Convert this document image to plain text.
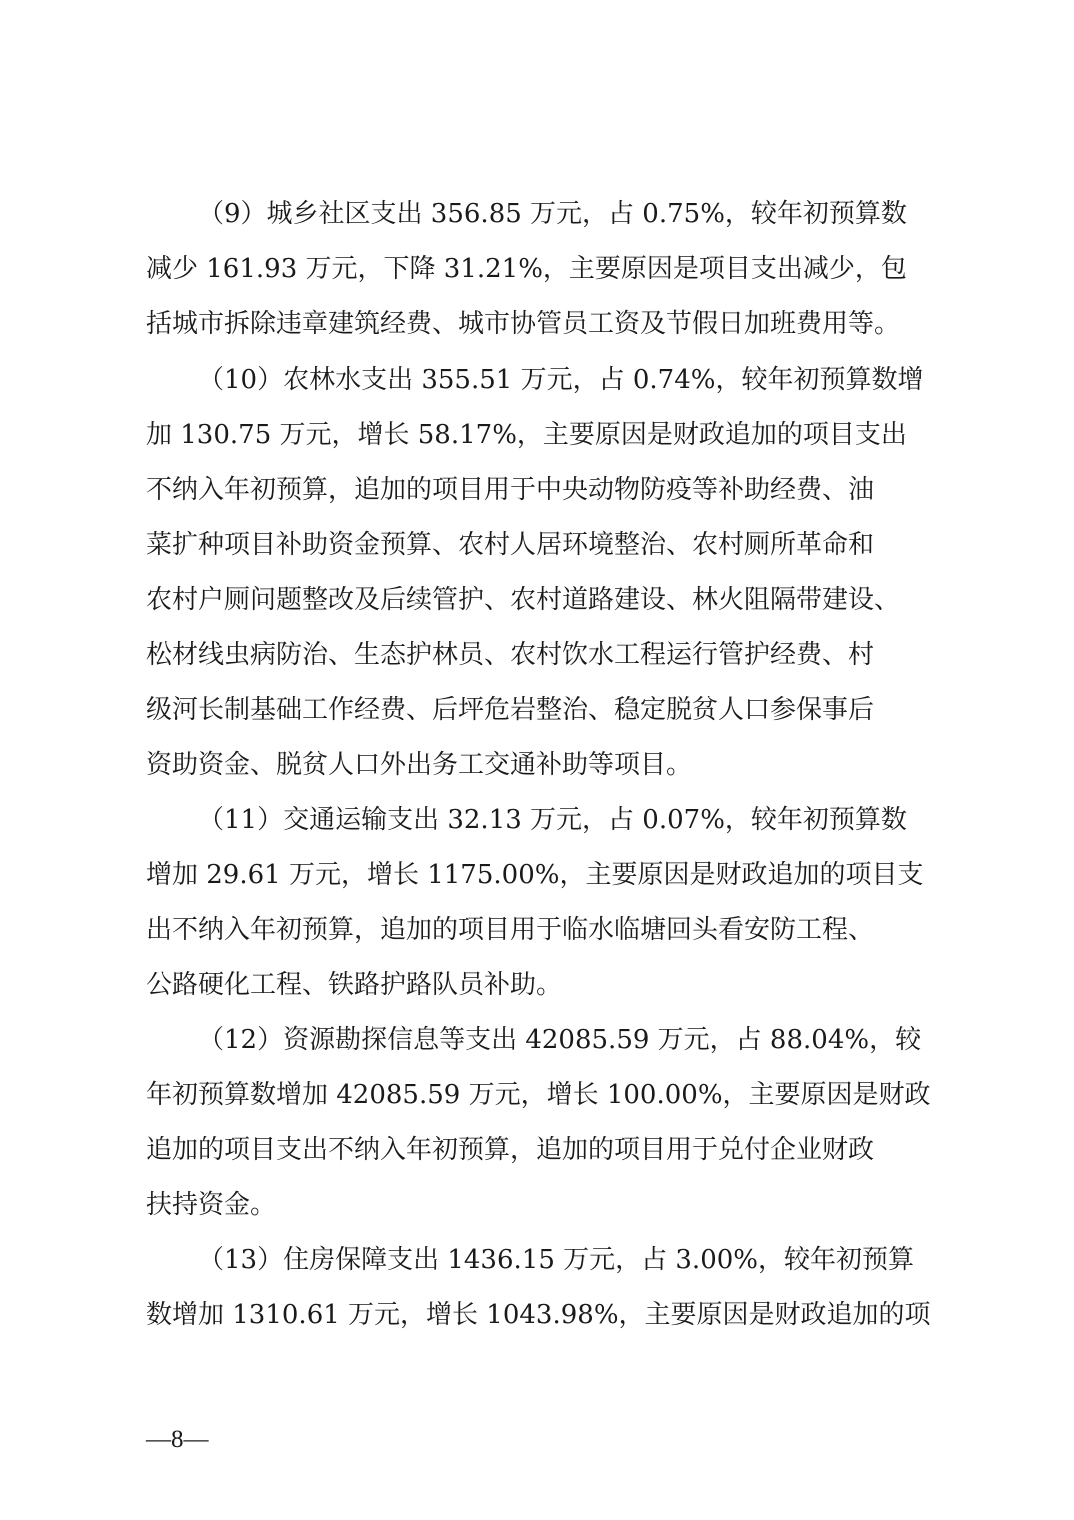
（9）城乡社区支出 356.85 万元，占 0.75%，较年初预算数
减少 161.93 万元，下降 31.21%，主要原因是项目支出减少，包
括城市拆除违章建筑经费、城市协管员工资及节假日加班费用等。
（10）农林水支出 355.51 万元，占 0.74%，较年初预算数增
加 130.75 万元，增长 58.17%，主要原因是财政追加的项目支出
不纳入年初预算，追加的项目用于中央动物防疫等补助经费、油
菜扩种项目补助资金预算、农村人居环境整治、农村厕所革命和
农村户厕问题整改及后续管护、农村道路建设、林火阻隔带建设、
松材线虫病防治、生态护林员、农村饮水工程运行管护经费、村
级河长制基础工作经费、后坪危岩整治、稳定脱贫人口参保事后
资助资金、脱贫人口外出务工交通补助等项目。
（11）交通运输支出 32.13 万元，占 0.07%，较年初预算数
增加 29.61 万元，增长 1175.00%，主要原因是财政追加的项目支
出不纳入年初预算，追加的项目用于临水临塘回头看安防工程、
公路硬化工程、铁路护路队员补助。
（12）资源勘探信息等支出 42085.59 万元，占 88.04%，较
年初预算数增加 42085.59 万元，增长 100.00%，主要原因是财政
追加的项目支出不纳入年初预算，追加的项目用于兑付企业财政
扶持资金。
（13）住房保障支出 1436.15 万元，占 3.00%，较年初预算
数增加 1310.61 万元，增长 1043.98%，主要原因是财政追加的项
—8—
